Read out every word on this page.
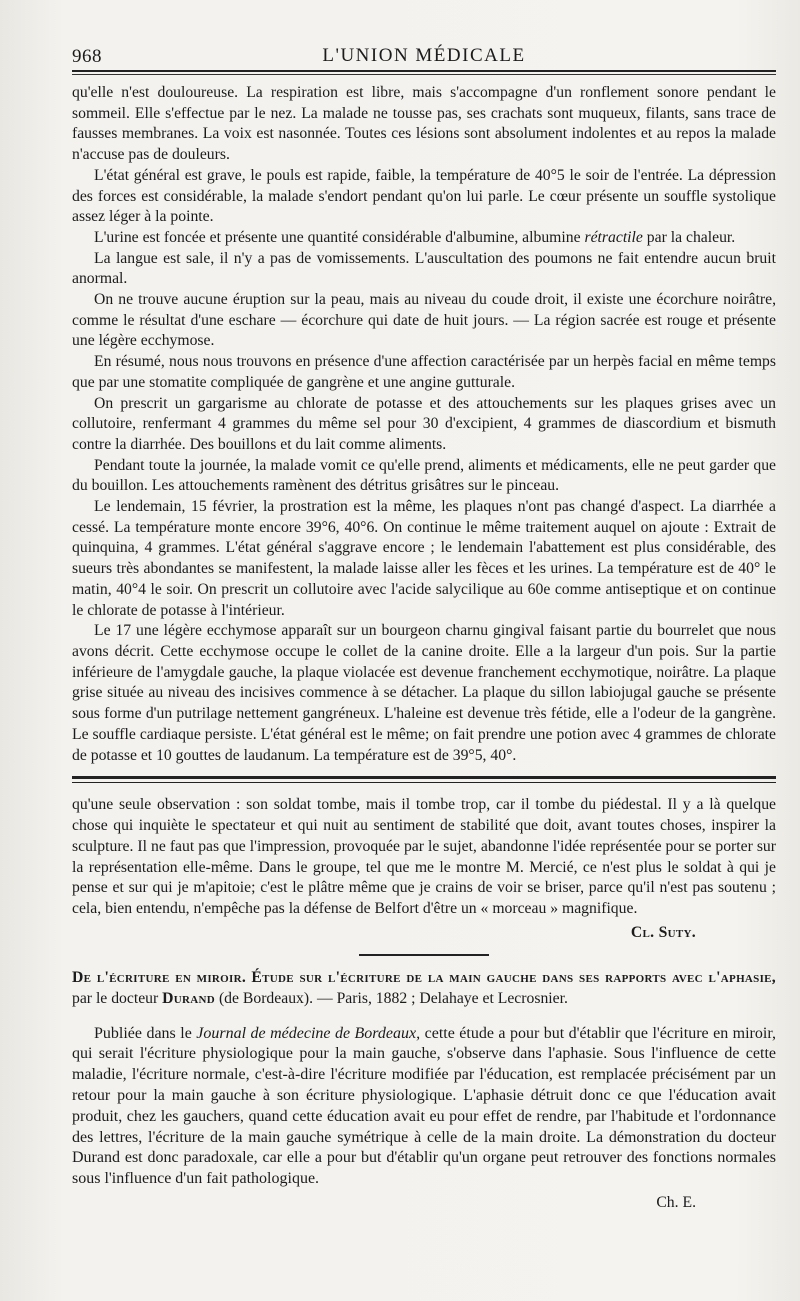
968	L'UNION MÉDICALE

qu'elle n'est douloureuse. La respiration est libre, mais s'accompagne d'un ronflement sonore pendant le sommeil. Elle s'effectue par le nez. La malade ne tousse pas, ses crachats sont muqueux, filants, sans trace de fausses membranes. La voix est nasonnée. Toutes ces lésions sont absolument indolentes et au repos la malade n'accuse pas de douleurs.

L'état général est grave, le pouls est rapide, faible, la température de 40°5 le soir de l'entrée. La dépression des forces est considérable, la malade s'endort pendant qu'on lui parle. Le cœur présente un souffle systolique assez léger à la pointe.

L'urine est foncée et présente une quantité considérable d'albumine, albumine rétractile par la chaleur.

La langue est sale, il n'y a pas de vomissements. L'auscultation des poumons ne fait entendre aucun bruit anormal.

On ne trouve aucune éruption sur la peau, mais au niveau du coude droit, il existe une écorchure noirâtre, comme le résultat d'une eschare — écorchure qui date de huit jours. — La région sacrée est rouge et présente une légère ecchymose.

En résumé, nous nous trouvons en présence d'une affection caractérisée par un herpès facial en même temps que par une stomatite compliquée de gangrène et une angine gutturale.

On prescrit un gargarisme au chlorate de potasse et des attouchements sur les plaques grises avec un collutoire, renfermant 4 grammes du même sel pour 30 d'excipient, 4 grammes de diascordium et bismuth contre la diarrhée. Des bouillons et du lait comme aliments.

Pendant toute la journée, la malade vomit ce qu'elle prend, aliments et médicaments, elle ne peut garder que du bouillon. Les attouchements ramènent des détritus grisâtres sur le pinceau.

Le lendemain, 15 février, la prostration est la même, les plaques n'ont pas changé d'aspect. La diarrhée a cessé. La température monte encore 39°6, 40°6. On continue le même traitement auquel on ajoute : Extrait de quinquina, 4 grammes. L'état général s'aggrave encore ; le lendemain l'abattement est plus considérable, des sueurs très abondantes se manifestent, la malade laisse aller les fèces et les urines. La température est de 40° le matin, 40°4 le soir. On prescrit un collutoire avec l'acide salycilique au 60e comme antiseptique et on continue le chlorate de potasse à l'intérieur.

Le 17 une légère ecchymose apparaît sur un bourgeon charnu gingival faisant partie du bourrelet que nous avons décrit. Cette ecchymose occupe le collet de la canine droite. Elle a la largeur d'un pois. Sur la partie inférieure de l'amygdale gauche, la plaque violacée est devenue franchement ecchymotique, noirâtre. La plaque grise située au niveau des incisives commence à se détacher. La plaque du sillon labiojugal gauche se présente sous forme d'un putrilage nettement gangréneux. L'haleine est devenue très fétide, elle a l'odeur de la gangrène. Le souffle cardiaque persiste. L'état général est le même; on fait prendre une potion avec 4 grammes de chlorate de potasse et 10 gouttes de laudanum. La température est de 39°5, 40°.

qu'une seule observation : son soldat tombe, mais il tombe trop, car il tombe du piédestal. Il y a là quelque chose qui inquiète le spectateur et qui nuit au sentiment de stabilité que doit, avant toutes choses, inspirer la sculpture. Il ne faut pas que l'impression, provoquée par le sujet, abandonne l'idée représentée pour se porter sur la représentation elle-même. Dans le groupe, tel que me le montre M. Mercié, ce n'est plus le soldat à qui je pense et sur qui je m'apitoie; c'est le plâtre même que je crains de voir se briser, parce qu'il n'est pas soutenu ; cela, bien entendu, n'empêche pas la défense de Belfort d'être un « morceau » magnifique.

Cl. Suty.

De l'écriture en miroir. Étude sur l'écriture de la main gauche dans ses rapports avec l'aphasie, par le docteur Durand (de Bordeaux). — Paris, 1882 ; Delahaye et Lecrosnier.

Publiée dans le Journal de médecine de Bordeaux, cette étude a pour but d'établir que l'écriture en miroir, qui serait l'écriture physiologique pour la main gauche, s'observe dans l'aphasie. Sous l'influence de cette maladie, l'écriture normale, c'est-à-dire l'écriture modifiée par l'éducation, est remplacée précisément par un retour pour la main gauche à son écriture physiologique. L'aphasie détruit donc ce que l'éducation avait produit, chez les gauchers, quand cette éducation avait eu pour effet de rendre, par l'habitude et l'ordonnance des lettres, l'écriture de la main gauche symétrique à celle de la main droite. La démonstration du docteur Durand est donc paradoxale, car elle a pour but d'établir qu'un organe peut retrouver des fonctions normales sous l'influence d'un fait pathologique.

Ch. E.
